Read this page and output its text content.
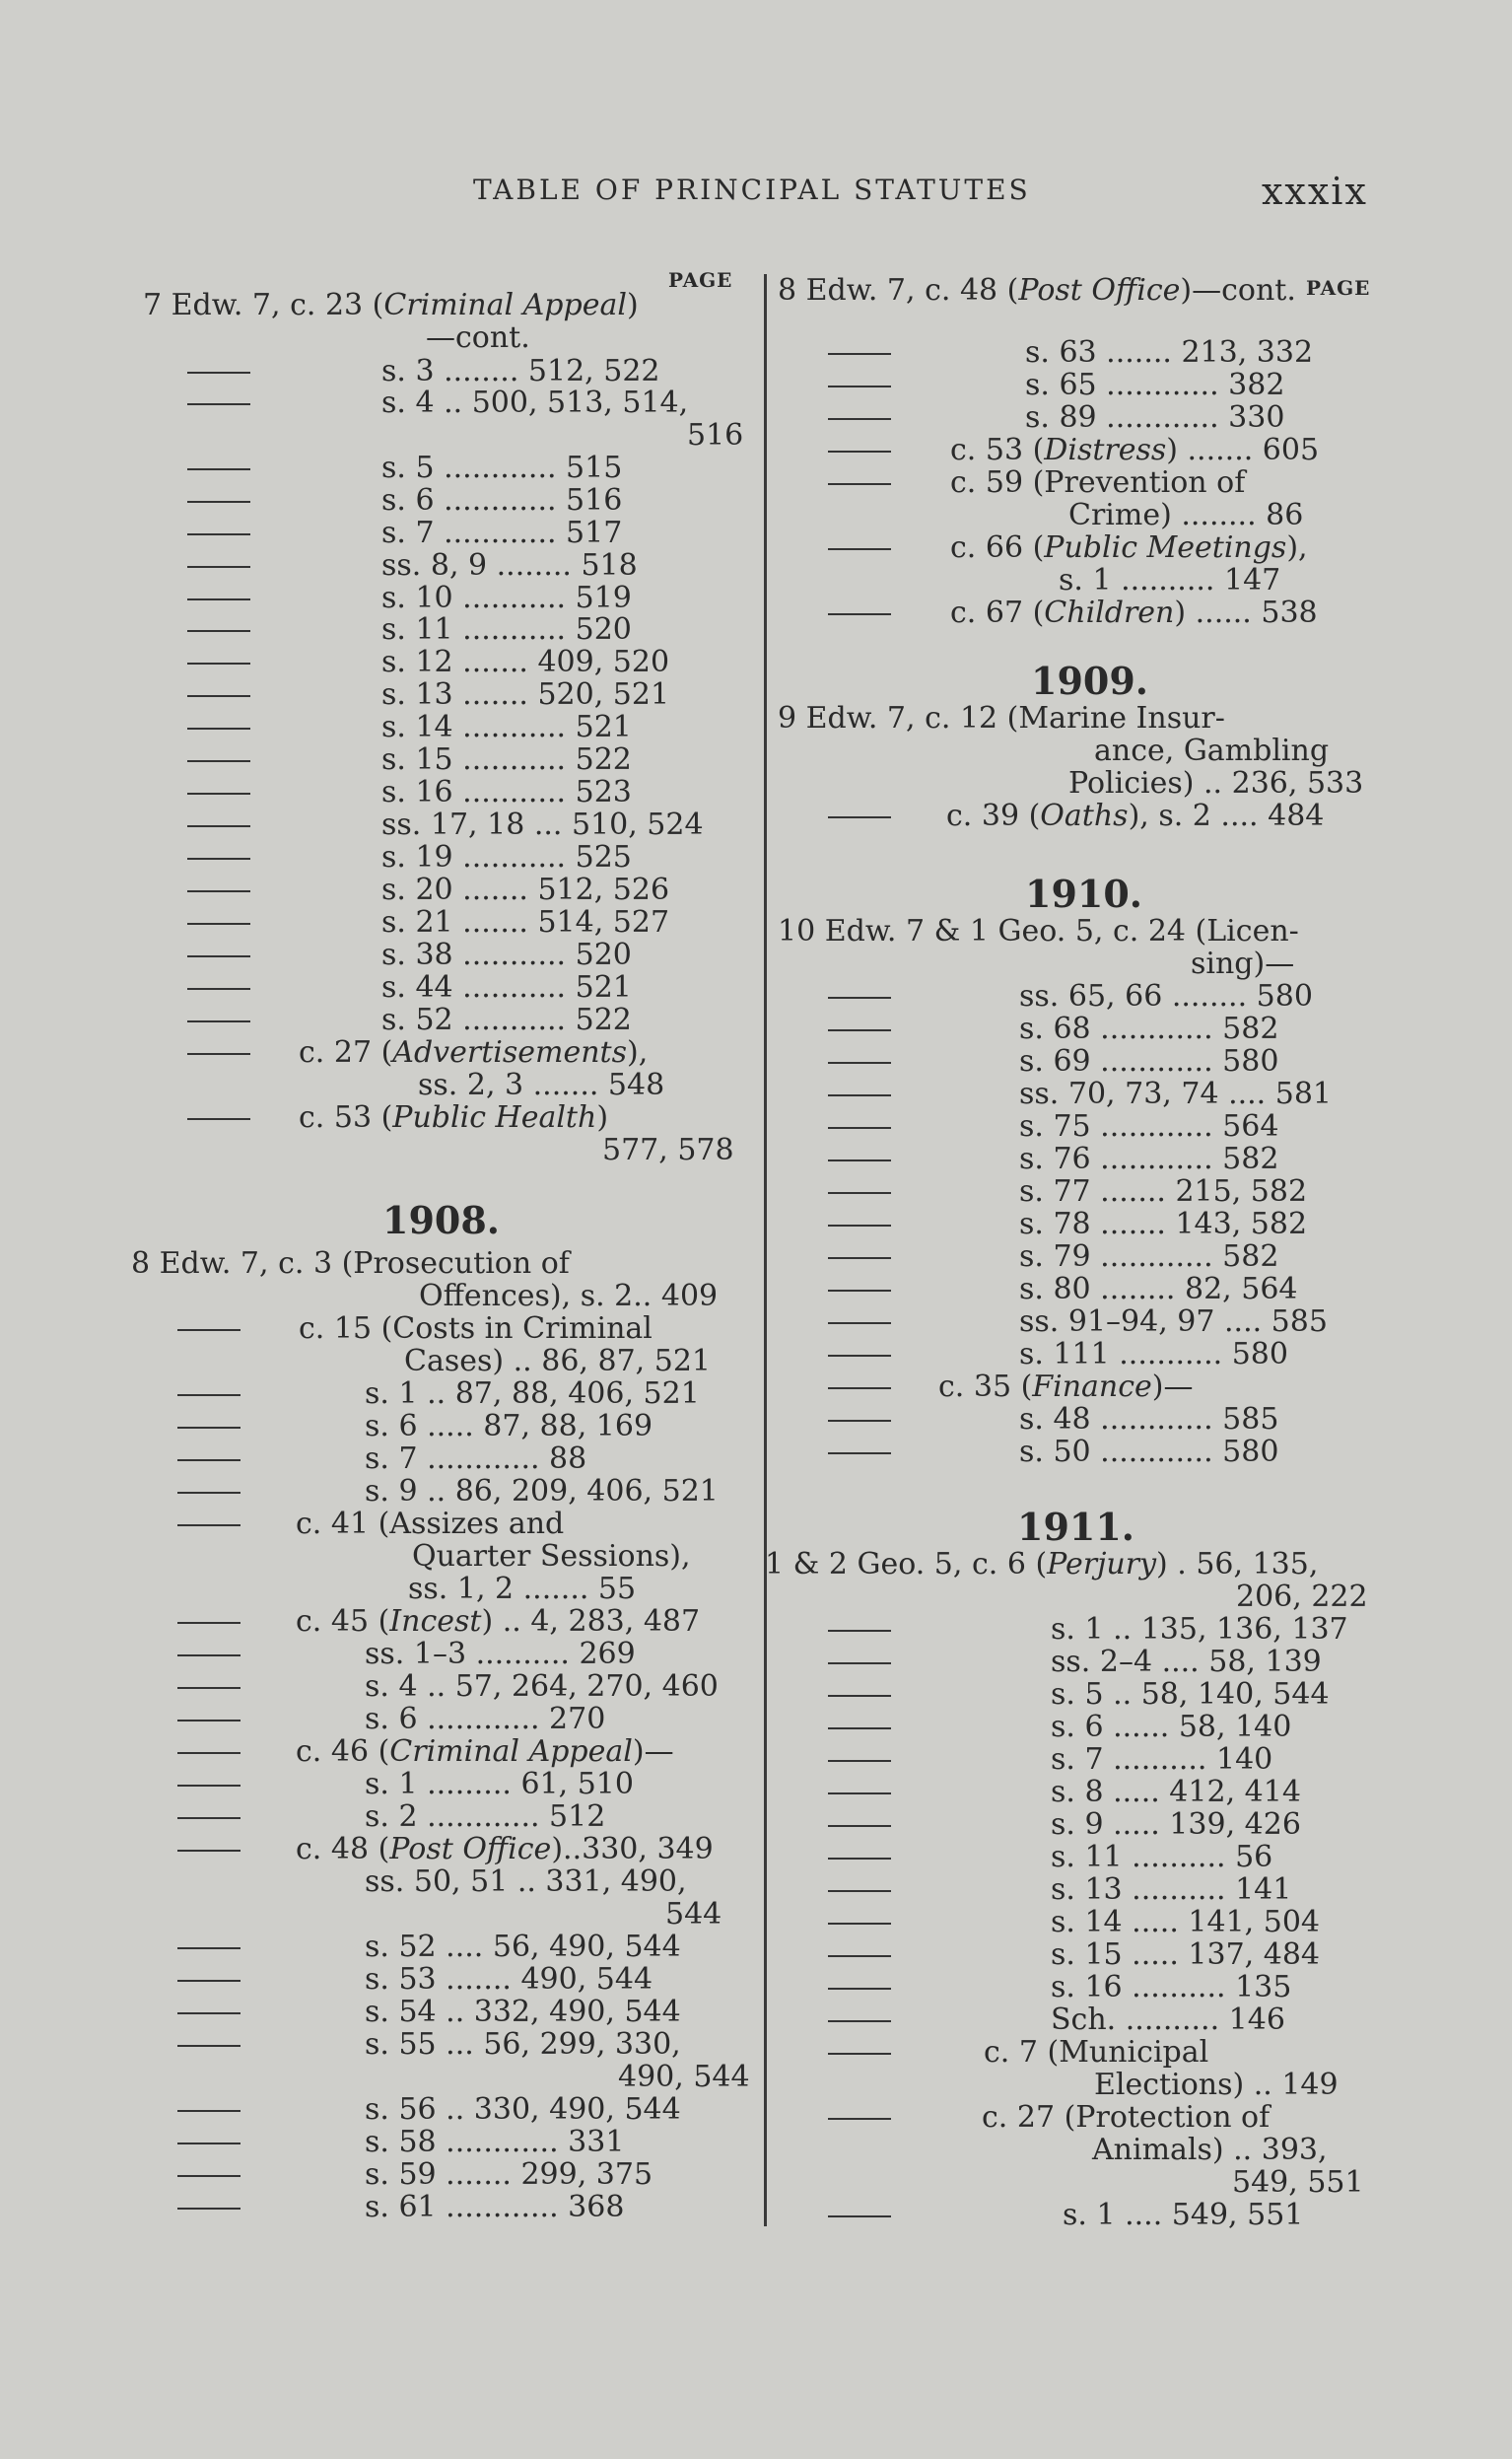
TABLE OF PRINCIPAL STATUTES	xxxix
PAGE	PAGE
7 Edw. 7, c. 23 (Criminal Appeal)
—cont.
s. 3 ........ 512, 522
s. 4 .. 500, 513, 514,
516
s. 5 ............ 515
s. 6 ............ 516
s. 7 ............ 517
ss. 8, 9 ........ 518
s. 10 ........... 519
s. 11 ........... 520
s. 12 ....... 409, 520
s. 13 ....... 520, 521
s. 14 ........... 521
s. 15 ........... 522
s. 16 ........... 523
ss. 17, 18 ... 510, 524
s. 19 ........... 525
s. 20 ....... 512, 526
s. 21 ....... 514, 527
s. 38 ........... 520
s. 44 ........... 521
s. 52 ........... 522
c. 27 (Advertisements),
ss. 2, 3 ....... 548
c. 53 (Public Health)
577, 578
1908.
8 Edw. 7, c. 3 (Prosecution of
Offences), s. 2.. 409
c. 15 (Costs in Criminal
Cases) .. 86, 87, 521
s. 1 .. 87, 88, 406, 521
s. 6 ..... 87, 88, 169
s. 7 ............ 88
s. 9 .. 86, 209, 406, 521
c. 41 (Assizes and
Quarter Sessions),
ss. 1, 2 ....... 55
c. 45 (Incest) .. 4, 283, 487
ss. 1–3 .......... 269
s. 4 .. 57, 264, 270, 460
s. 6 ............ 270
c. 46 (Criminal Appeal)—
s. 1 ......... 61, 510
s. 2 ............ 512
c. 48 (Post Office)..330, 349
ss. 50, 51 .. 331, 490,
544
s. 52 .... 56, 490, 544
s. 53 ....... 490, 544
s. 54 .. 332, 490, 544
s. 55 ... 56, 299, 330,
490, 544
s. 56 .. 330, 490, 544
s. 58 ............ 331
s. 59 ....... 299, 375
s. 61 ............ 368
8 Edw. 7, c. 48 (Post Office)—cont.
s. 63 ....... 213, 332
s. 65 ............ 382
s. 89 ............ 330
c. 53 (Distress) ....... 605
c. 59 (Prevention of
Crime) ........ 86
c. 66 (Public Meetings),
s. 1 .......... 147
c. 67 (Children) ...... 538
1909.
9 Edw. 7, c. 12 (Marine Insur-
ance, Gambling
Policies) .. 236, 533
c. 39 (Oaths), s. 2 .... 484
1910.
10 Edw. 7 & 1 Geo. 5, c. 24 (Licen-
sing)—
ss. 65, 66 ........ 580
s. 68 ............ 582
s. 69 ............ 580
ss. 70, 73, 74 .... 581
s. 75 ............ 564
s. 76 ............ 582
s. 77 ....... 215, 582
s. 78 ....... 143, 582
s. 79 ............ 582
s. 80 ........ 82, 564
ss. 91–94, 97 .... 585
s. 111 ........... 580
c. 35 (Finance)—
s. 48 ............ 585
s. 50 ............ 580
1911.
1 & 2 Geo. 5, c. 6 (Perjury) . 56, 135,
206, 222
s. 1 .. 135, 136, 137
ss. 2–4 .... 58, 139
s. 5 .. 58, 140, 544
s. 6 ...... 58, 140
s. 7 .......... 140
s. 8 ..... 412, 414
s. 9 ..... 139, 426
s. 11 .......... 56
s. 13 .......... 141
s. 14 ..... 141, 504
s. 15 ..... 137, 484
s. 16 .......... 135
Sch. .......... 146
c. 7 (Municipal
Elections) .. 149
c. 27 (Protection of
Animals) .. 393,
549, 551
s. 1 .... 549, 551
